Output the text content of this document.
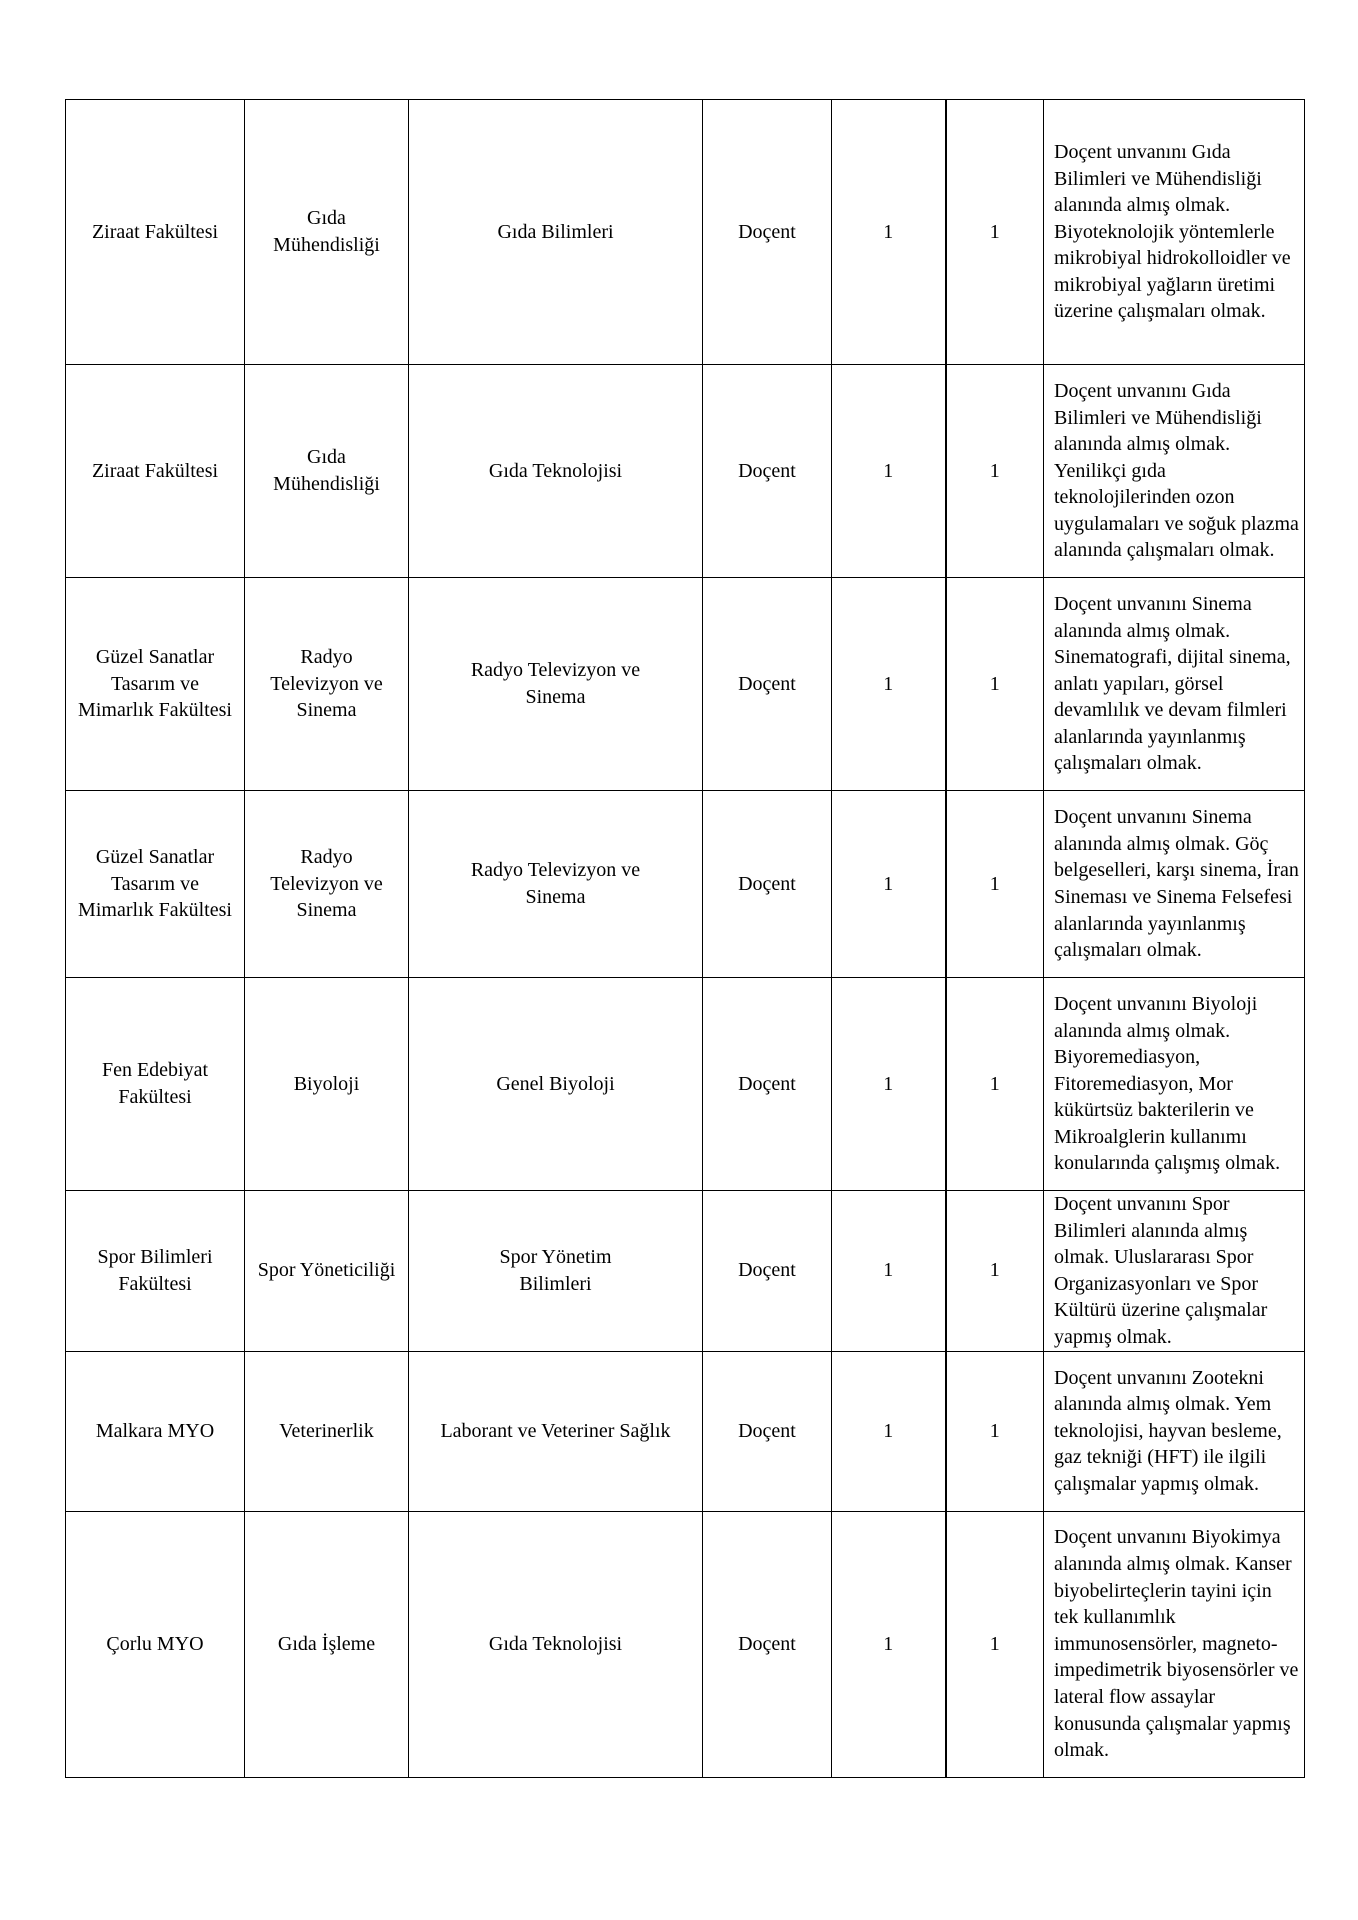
Ziraat Fakültesi	Gıda Mühendisliği	Gıda Bilimleri	Doçent	1	1	Doçent unvanını Gıda Bilimleri ve Mühendisliği alanında almış olmak. Biyoteknolojik yöntemlerle mikrobiyal hidrokolloidler ve mikrobiyal yağların üretimi üzerine çalışmaları olmak.
Ziraat Fakültesi	Gıda Mühendisliği	Gıda Teknolojisi	Doçent	1	1	Doçent unvanını Gıda Bilimleri ve Mühendisliği alanında almış olmak. Yenilikçi gıda teknolojilerinden ozon uygulamaları ve soğuk plazma alanında çalışmaları olmak.
Güzel Sanatlar Tasarım ve Mimarlık Fakültesi	Radyo Televizyon ve Sinema	Radyo Televizyon ve Sinema	Doçent	1	1	Doçent unvanını Sinema alanında almış olmak. Sinematografi, dijital sinema, anlatı yapıları, görsel devamlılık ve devam filmleri alanlarında yayınlanmış çalışmaları olmak.
Güzel Sanatlar Tasarım ve Mimarlık Fakültesi	Radyo Televizyon ve Sinema	Radyo Televizyon ve Sinema	Doçent	1	1	Doçent unvanını Sinema alanında almış olmak. Göç belgeselleri, karşı sinema, İran Sineması ve Sinema Felsefesi alanlarında yayınlanmış çalışmaları olmak.
Fen Edebiyat Fakültesi	Biyoloji	Genel Biyoloji	Doçent	1	1	Doçent unvanını Biyoloji alanında almış olmak. Biyoremediasyon, Fitoremediasyon, Mor kükürtsüz bakterilerin ve Mikroalglerin kullanımı konularında çalışmış olmak.
Spor Bilimleri Fakültesi	Spor Yöneticiliği	Spor Yönetim Bilimleri	Doçent	1	1	Doçent unvanını Spor Bilimleri alanında almış olmak. Uluslararası Spor Organizasyonları ve Spor Kültürü üzerine çalışmalar yapmış olmak.
Malkara MYO	Veterinerlik	Laborant ve Veteriner Sağlık	Doçent	1	1	Doçent unvanını Zootekni alanında almış olmak. Yem teknolojisi, hayvan besleme, gaz tekniği (HFT) ile ilgili çalışmalar yapmış olmak.
Çorlu MYO	Gıda İşleme	Gıda Teknolojisi	Doçent	1	1	Doçent unvanını Biyokimya alanında almış olmak. Kanser biyobelirteçlerin tayini için tek kullanımlık immunosensörler, magneto-impedimetrik biyosensörler ve lateral flow assaylar konusunda çalışmalar yapmış olmak.
